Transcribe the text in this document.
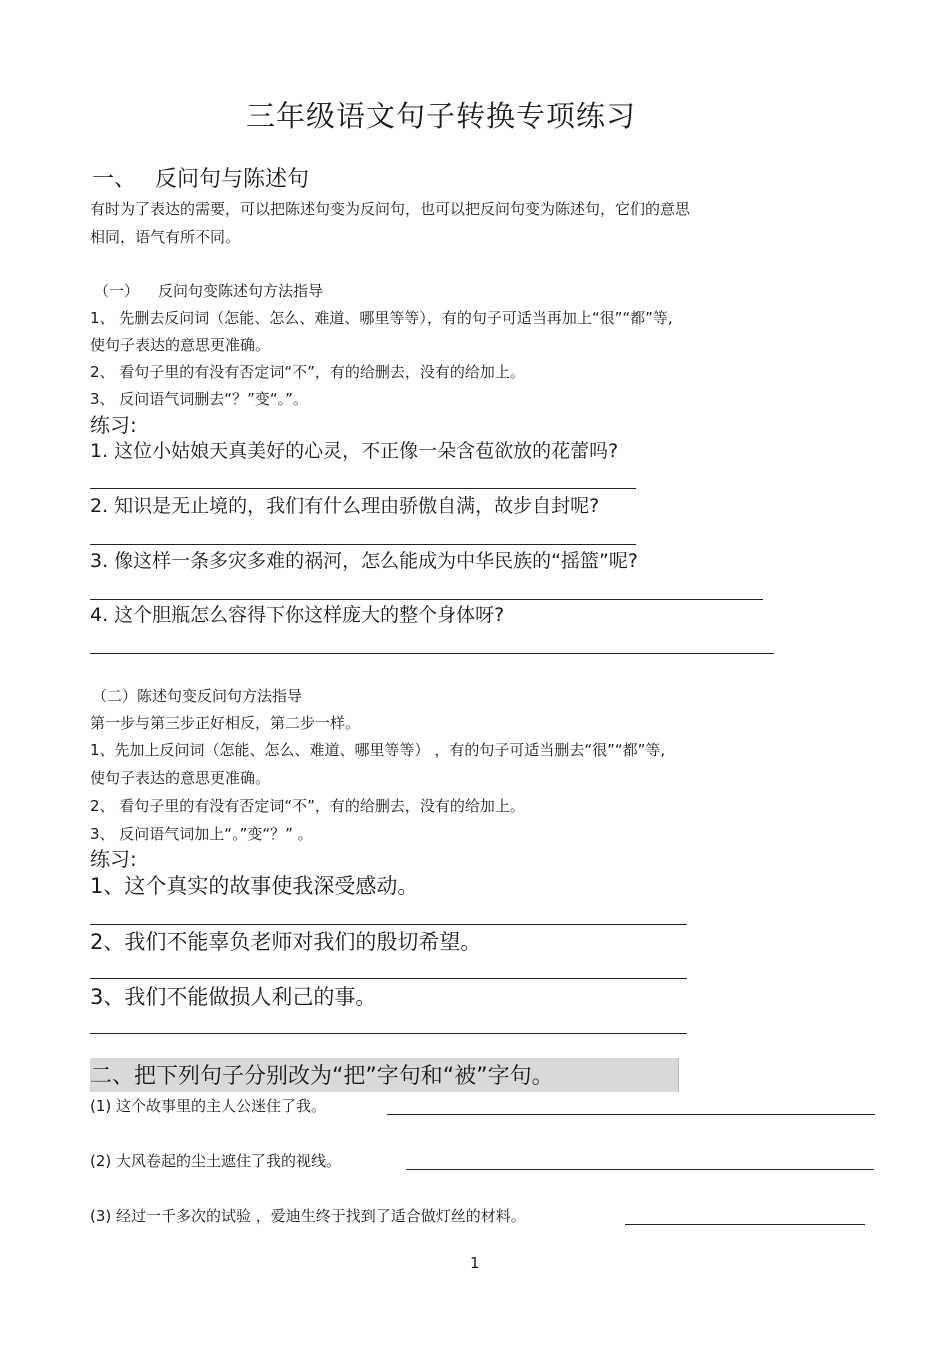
三年级语文句子转换专项练习
一、 反问句与陈述句
有时为了表达的需要，可以把陈述句变为反问句，也可以把反问句变为陈述句，它们的意思
相同，语气有所不同。
（一） 反问句变陈述句方法指导
1、 先删去反问词（怎能、怎么、难道、哪里等等），有的句子可适当再加上“很”“都”等,
使句子表达的意思更准确。
2、 看句子里的有没有否定词“不”，有的给删去，没有的给加上。
3、 反问语气词删去“？”变“。”。
练习:
1. 这位小姑娘天真美好的心灵，不正像一朵含苞欲放的花蕾吗?
2. 知识是无止境的，我们有什么理由骄傲自满，故步自封呢?
3. 像这样一条多灾多难的祸河，怎么能成为中华民族的“摇篮”呢?
4. 这个胆瓶怎么容得下你这样庞大的整个身体呀?
（二）陈述句变反问句方法指导
第一步与第三步正好相反，第二步一样。
1、先加上反问词（怎能、怎么、难道、哪里等等） ，有的句子可适当删去“很”“都”等,
使句子表达的意思更准确。
2、 看句子里的有没有否定词“不”，有的给删去，没有的给加上。
3、 反问语气词加上“。”变“？” 。
练习:
1、这个真实的故事使我深受感动。
2、我们不能辜负老师对我们的殷切希望。
3、我们不能做损人利己的事。
二、把下列句子分别改为“把”字句和“被”字句。
(1) 这个故事里的主人公迷住了我。
(2) 大风卷起的尘土遮住了我的视线。
(3) 经过一千多次的试验 ，爱迪生终于找到了适合做灯丝的材料。
1
